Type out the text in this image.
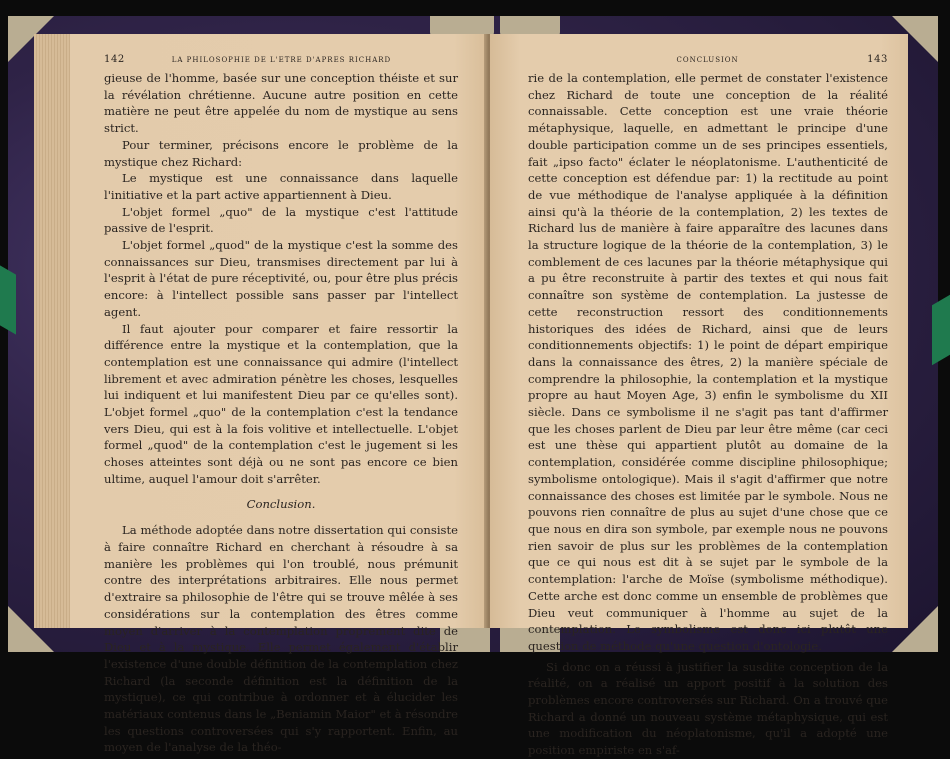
142	LA PHILOSOPHIE DE L'ETRE D'APRES RICHARD

gieuse de l'homme, basée sur une conception théiste et sur la révélation chrétienne. Aucune autre position en cette matière ne peut être appelée du nom de mystique au sens strict.

Pour terminer, précisons encore le problème de la mystique chez Richard:

Le mystique est une connaissance dans laquelle l'initiative et la part active appartiennent à Dieu.

L'objet formel „quo" de la mystique c'est l'attitude passive de l'esprit.

L'objet formel „quod" de la mystique c'est la somme des connaissances sur Dieu, transmises directement par lui à l'esprit à l'état de pure réceptivité, ou, pour être plus précis encore: à l'intellect possible sans passer par l'intellect agent.

Il faut ajouter pour comparer et faire ressortir la différence entre la mystique et la contemplation, que la contemplation est une connaissance qui admire (l'intellect librement et avec admiration pénètre les choses, lesquelles lui indiquent et lui manifestent Dieu par ce qu'elles sont). L'objet formel „quo" de la contemplation c'est la tendance vers Dieu, qui est à la fois volitive et intellectuelle. L'objet formel „quod" de la contemplation c'est le jugement si les choses atteintes sont déjà ou ne sont pas encore ce bien ultime, auquel l'amour doit s'arrêter.

Conclusion.

La méthode adoptée dans notre dissertation qui consiste à faire connaître Richard en cherchant à résoudre à sa manière les problèmes qui l'on troublé, nous prémunit contre des interprétations arbitraires. Elle nous permet d'extraire sa philosophie de l'être qui se trouve mêlée à ses considérations sur la contemplation des êtres comme moyen d'arriver à la contemplation proprement dite de Dieu et à la mystique. Elle permet également d'établir l'existence d'une double définition de la contemplation chez Richard (la seconde définition est la définition de la mystique), ce qui contribue à ordonner et à élucider les matériaux contenus dans le „Beniamin Maior" et à résondre les questions controversées qui s'y rapportent. Enfin, au moyen de l'analyse de la théo-

CONCLUSION	143

rie de la contemplation, elle permet de constater l'existence chez Richard de toute une conception de la réalité connaissable. Cette conception est une vraie théorie métaphysique, laquelle, en admettant le principe d'une double participation comme un de ses principes essentiels, fait „ipso facto" éclater le néoplatonisme. L'authenticité de cette conception est défendue par: 1) la rectitude au point de vue méthodique de l'analyse appliquée à la définition ainsi qu'à la théorie de la contemplation, 2) les textes de Richard lus de manière à faire apparaître des lacunes dans la structure logique de la théorie de la contemplation, 3) le comblement de ces lacunes par la théorie métaphysique qui a pu être reconstruite à partir des textes et qui nous fait connaître son système de contemplation. La justesse de cette reconstruction ressort des conditionnements historiques des idées de Richard, ainsi que de leurs conditionnements objectifs: 1) le point de départ empirique dans la connaissance des êtres, 2) la manière spéciale de comprendre la philosophie, la contemplation et la mystique propre au haut Moyen Age, 3) enfin le symbolisme du XII siècle. Dans ce symbolisme il ne s'agit pas tant d'affirmer que les choses parlent de Dieu par leur être même (car ceci est une thèse qui appartient plutôt au domaine de la contemplation, considérée comme discipline philosophique; symbolisme ontologique). Mais il s'agit d'affirmer que notre connaissance des choses est limitée par le symbole. Nous ne pouvons rien connaître de plus au sujet d'une chose que ce que nous en dira son symbole, par exemple nous ne pouvons rien savoir de plus sur les problèmes de la contemplation que ce qui nous est dit à se sujet par le symbole de la contemplation: l'arche de Moïse (symbolisme méthodique). Cette arche est donc comme un ensemble de problèmes que Dieu veut communiquer à l'homme au sujet de la contemplation. Le symbolisme est donc ici plutôt une question de méthode qu'une question d'ontologie.

Si donc on a réussi à justifier la susdite conception de la réalité, on a réalisé un apport positif à la solution des problèmes encore controversés sur Richard. On a trouvé que Richard a donné un nouveau système métaphysique, qui est une modification du néoplatonisme, qu'il a adopté une position empiriste en s'af-
